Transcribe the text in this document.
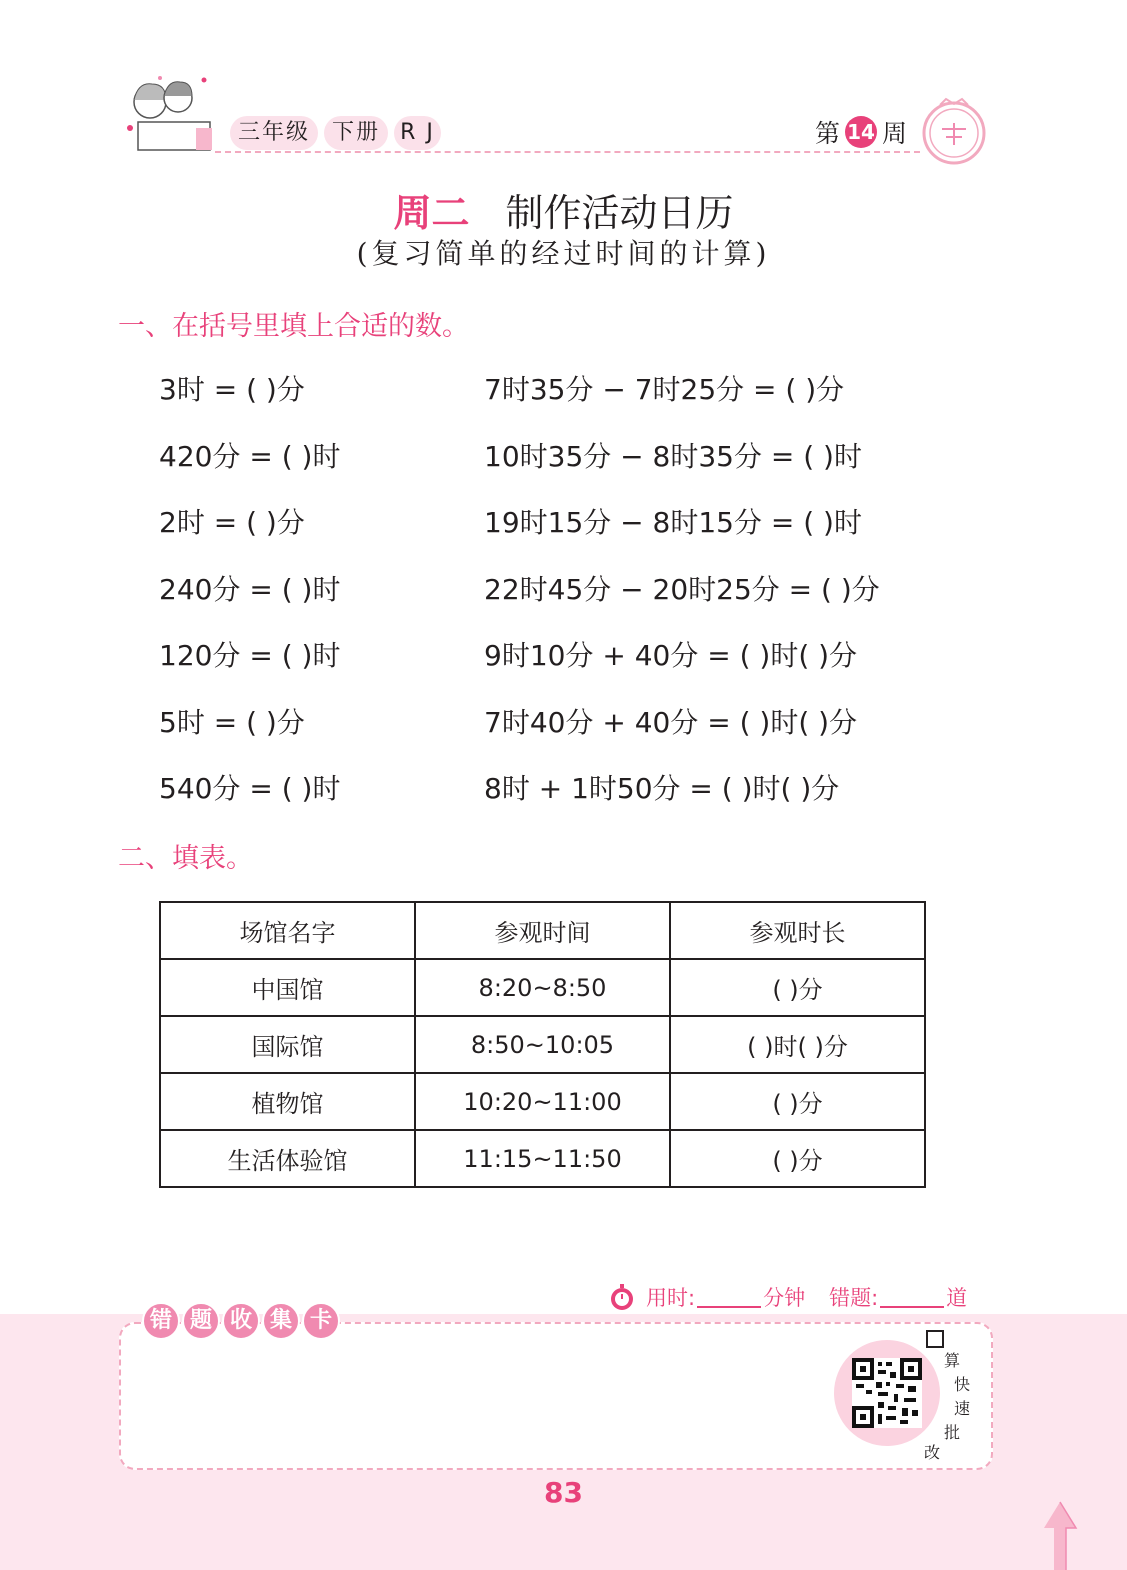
三年级	下册 R J	第 14 周
周二 制作活动日历
(复习简单的经过时间的计算)
一、在括号里填上合适的数。
3时 = ( )分
420分 = ( )时
2时 = ( )分
240分 = ( )时
120分 = ( )时
5时 = ( )分
540分 = ( )时
7时35分 − 7时25分 = ( )分
10时35分 − 8时35分 = ( )时
19时15分 − 8时15分 = ( )时
22时45分 − 20时25分 = ( )分
9时10分 + 40分 = ( )时( )分
7时40分 + 40分 = ( )时( )分
8时 + 1时50分 = ( )时( )分
二、填表。
场馆名字	参观时间	参观时长
中国馆	8:20~8:50	( )分
国际馆	8:50~10:05	( )时( )分
植物馆	10:20~11:00	( )分
生活体验馆	11:15~11:50	( )分
用时:	分钟 错题:	道
错 题 收 集 卡
算
快
速
批
改
83
